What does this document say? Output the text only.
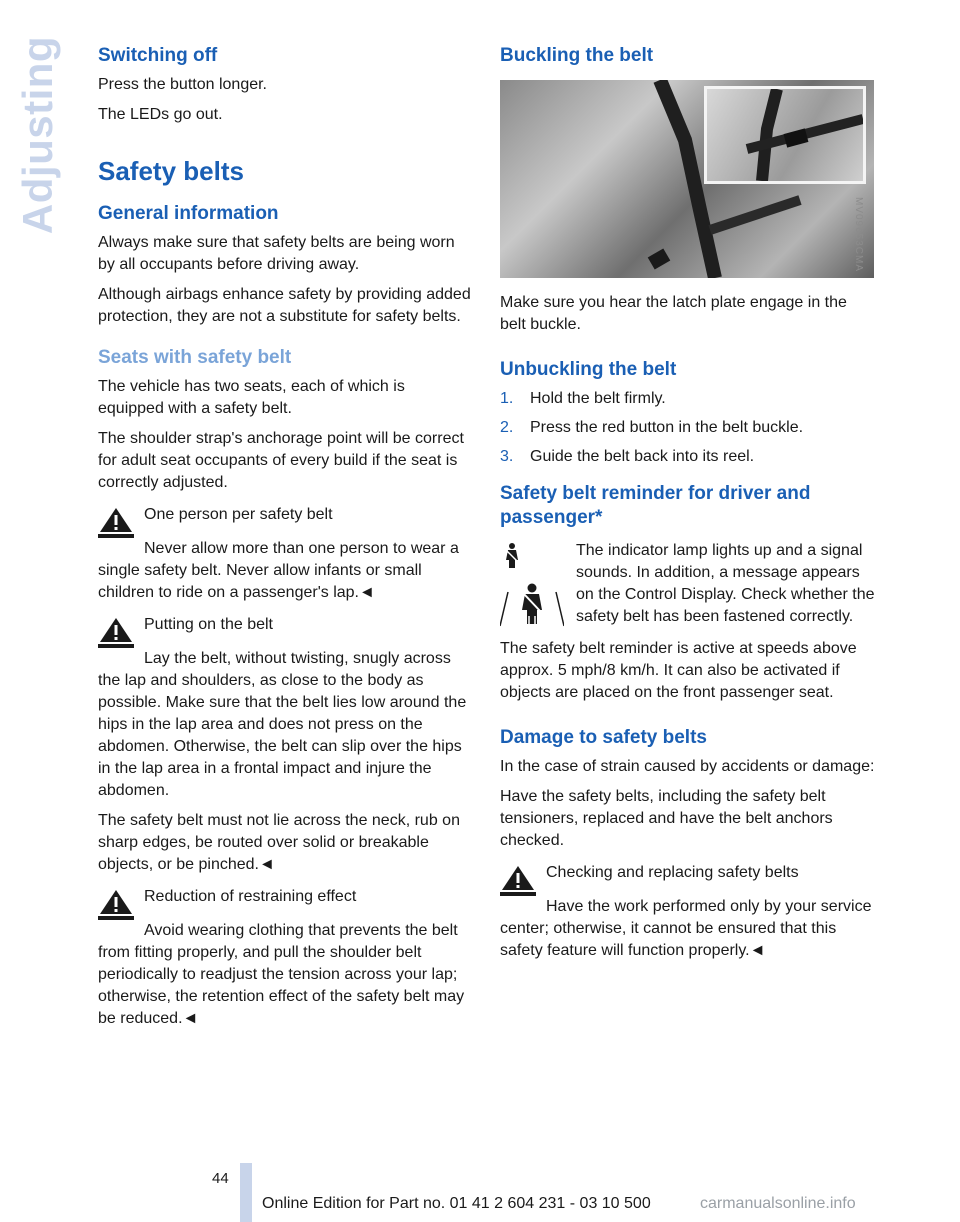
Adjusting Switching off

Press the button longer.

The LEDs go out.

Safety belts
General information

Always make sure that safety belts are being worn by all occupants before driving away.

Although airbags enhance safety by providing added protection, they are not a substitute for safety belts.

Seats with safety belt

The vehicle has two seats, each of which is equipped with a safety belt.

The shoulder strap's anchorage point will be correct for adult seat occupants of every build if the seat is correctly adjusted.

One person per safety belt

Never allow more than one person to wear a single safety belt. Never allow infants or small children to ride on a passenger's lap.◄

Putting on the belt

Lay the belt, without twisting, snugly across the lap and shoulders, as close to the body as possible. Make sure that the belt lies low around the hips in the lap area and does not press on the abdomen. Otherwise, the belt can slip over the hips in the lap area in a frontal impact and injure the abdomen.

The safety belt must not lie across the neck, rub on sharp edges, be routed over solid or breakable objects, or be pinched.◄

Reduction of restraining effect

Avoid wearing clothing that prevents the belt from fitting properly, and pull the shoulder belt periodically to readjust the tension across your lap; otherwise, the retention effect of the safety belt may be reduced.◄

Buckling the belt
MV09653CMA

Make sure you hear the latch plate engage in the belt buckle.

Unbuckling the belt
1.	Hold the belt firmly.
2.	Press the red button in the belt buckle.
3.	Guide the belt back into its reel.
Safety belt reminder for driver and passenger*

The indicator lamp lights up and a signal sounds. In addition, a message appears on the Control Display. Check whether the safety belt has been fastened correctly.

The safety belt reminder is active at speeds above approx. 5 mph/8 km/h. It can also be activated if objects are placed on the front passenger seat.

Damage to safety belts

In the case of strain caused by accidents or damage:

Have the safety belts, including the safety belt tensioners, replaced and have the belt anchors checked.

Checking and replacing safety belts

Have the work performed only by your service center; otherwise, it cannot be ensured that this safety feature will function properly.◄

44
Online Edition for Part no. 01 41 2 604 231 - 03 10 500	carmanualsonline.info
